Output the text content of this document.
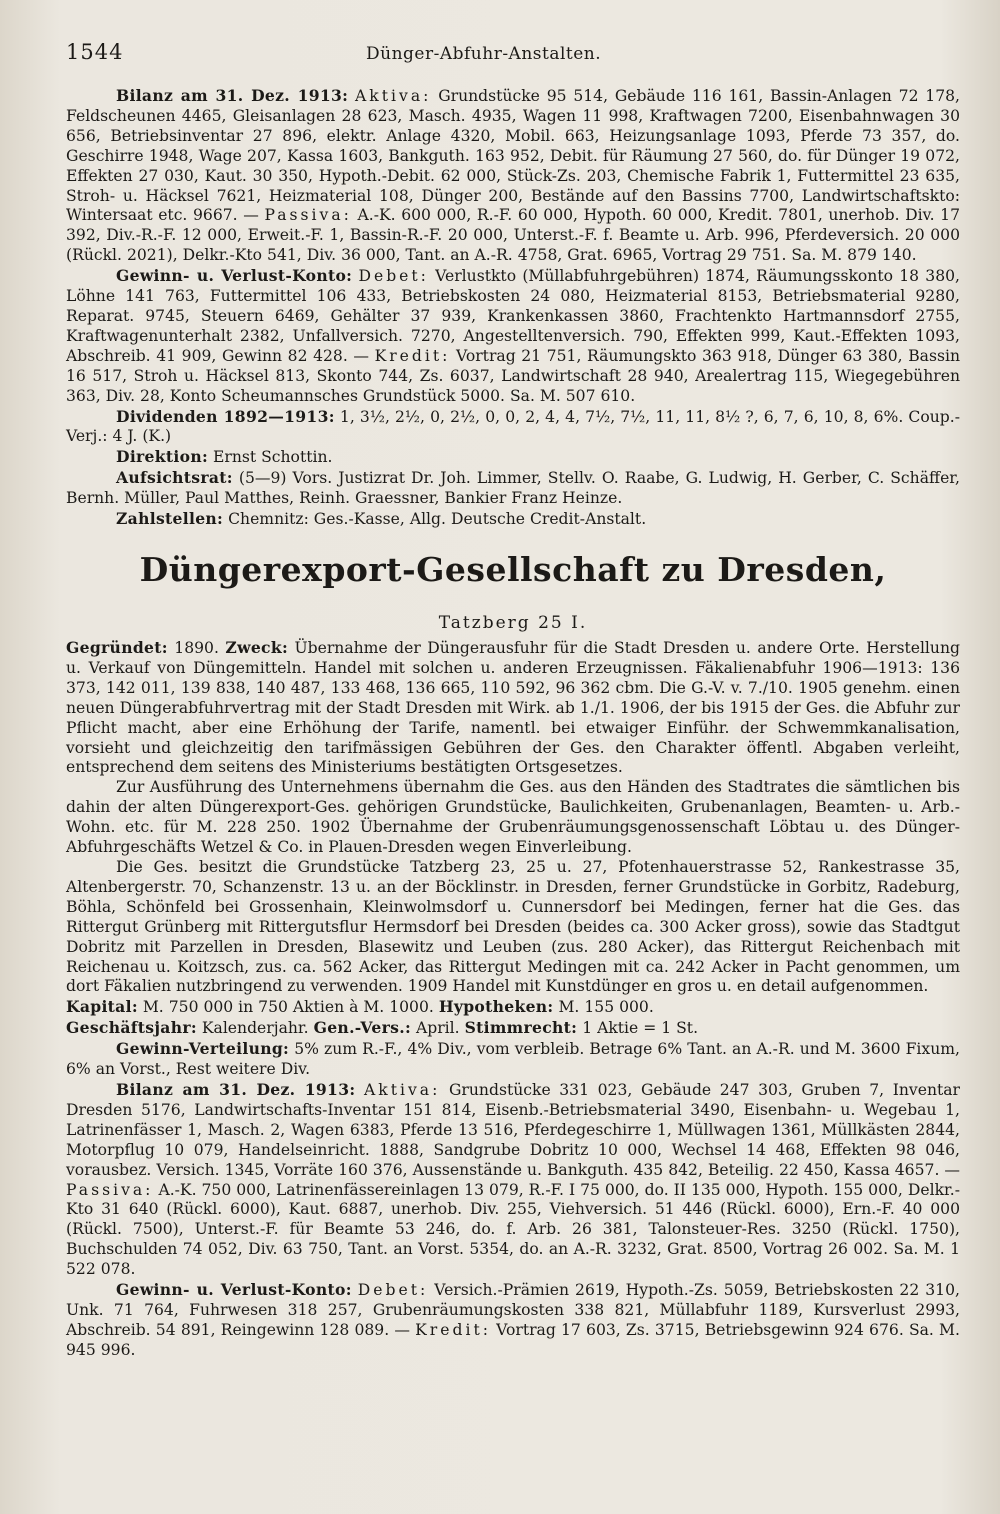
1544	Dünger-Abfuhr-Anstalten.

Bilanz am 31. Dez. 1913: Aktiva: Grundstücke 95 514, Gebäude 116 161, Bassin-Anlagen 72 178, Feldscheunen 4465, Gleisanlagen 28 623, Masch. 4935, Wagen 11 998, Kraftwagen 7200, Eisenbahnwagen 30 656, Betriebsinventar 27 896, elektr. Anlage 4320, Mobil. 663, Heizungsanlage 1093, Pferde 73 357, do. Geschirre 1948, Wage 207, Kassa 1603, Bankguth. 163 952, Debit. für Räumung 27 560, do. für Dünger 19 072, Effekten 27 030, Kaut. 30 350, Hypoth.-Debit. 62 000, Stück-Zs. 203, Chemische Fabrik 1, Futtermittel 23 635, Stroh- u. Häcksel 7621, Heizmaterial 108, Dünger 200, Bestände auf den Bassins 7700, Landwirtschaftskto: Wintersaat etc. 9667. — Passiva: A.-K. 600 000, R.-F. 60 000, Hypoth. 60 000, Kredit. 7801, unerhob. Div. 17 392, Div.-R.-F. 12 000, Erweit.-F. 1, Bassin-R.-F. 20 000, Unterst.-F. f. Beamte u. Arb. 996, Pferdeversich. 20 000 (Rückl. 2021), Delkr.-Kto 541, Div. 36 000, Tant. an A.-R. 4758, Grat. 6965, Vortrag 29 751. Sa. M. 879 140.

Gewinn- u. Verlust-Konto: Debet: Verlustkto (Müllabfuhrgebühren) 1874, Räumungsskonto 18 380, Löhne 141 763, Futtermittel 106 433, Betriebskosten 24 080, Heizmaterial 8153, Betriebsmaterial 9280, Reparat. 9745, Steuern 6469, Gehälter 37 939, Krankenkassen 3860, Frachtenkto Hartmannsdorf 2755, Kraftwagenunterhalt 2382, Unfallversich. 7270, Angestelltenversich. 790, Effekten 999, Kaut.-Effekten 1093, Abschreib. 41 909, Gewinn 82 428. — Kredit: Vortrag 21 751, Räumungskto 363 918, Dünger 63 380, Bassin 16 517, Stroh u. Häcksel 813, Skonto 744, Zs. 6037, Landwirtschaft 28 940, Arealertrag 115, Wiegegebühren 363, Div. 28, Konto Scheumannsches Grundstück 5000. Sa. M. 507 610.

Dividenden 1892—1913: 1, 3½, 2½, 0, 2½, 0, 0, 2, 4, 4, 7½, 7½, 11, 11, 8½ ?, 6, 7, 6, 10, 8, 6%. Coup.-Verj.: 4 J. (K.)

Direktion: Ernst Schottin.

Aufsichtsrat: (5—9) Vors. Justizrat Dr. Joh. Limmer, Stellv. O. Raabe, G. Ludwig, H. Gerber, C. Schäffer, Bernh. Müller, Paul Matthes, Reinh. Graessner, Bankier Franz Heinze.

Zahlstellen: Chemnitz: Ges.-Kasse, Allg. Deutsche Credit-Anstalt.

Düngerexport-Gesellschaft zu Dresden,
Tatzberg 25 I.

Gegründet: 1890. Zweck: Übernahme der Düngerausfuhr für die Stadt Dresden u. andere Orte. Herstellung u. Verkauf von Düngemitteln. Handel mit solchen u. anderen Erzeugnissen. Fäkalienabfuhr 1906—1913: 136 373, 142 011, 139 838, 140 487, 133 468, 136 665, 110 592, 96 362 cbm. Die G.-V. v. 7./10. 1905 genehm. einen neuen Düngerabfuhrvertrag mit der Stadt Dresden mit Wirk. ab 1./1. 1906, der bis 1915 der Ges. die Abfuhr zur Pflicht macht, aber eine Erhöhung der Tarife, namentl. bei etwaiger Einführ. der Schwemmkanalisation, vorsieht und gleichzeitig den tarifmässigen Gebühren der Ges. den Charakter öffentl. Abgaben verleiht, entsprechend dem seitens des Ministeriums bestätigten Ortsgesetzes.

Zur Ausführung des Unternehmens übernahm die Ges. aus den Händen des Stadtrates die sämtlichen bis dahin der alten Düngerexport-Ges. gehörigen Grundstücke, Baulichkeiten, Grubenanlagen, Beamten- u. Arb.-Wohn. etc. für M. 228 250. 1902 Übernahme der Grubenräumungsgenossenschaft Löbtau u. des Dünger-Abfuhrgeschäfts Wetzel & Co. in Plauen-Dresden wegen Einverleibung.

Die Ges. besitzt die Grundstücke Tatzberg 23, 25 u. 27, Pfotenhauerstrasse 52, Rankestrasse 35, Altenbergerstr. 70, Schanzenstr. 13 u. an der Böcklinstr. in Dresden, ferner Grundstücke in Gorbitz, Radeburg, Böhla, Schönfeld bei Grossenhain, Kleinwolmsdorf u. Cunnersdorf bei Medingen, ferner hat die Ges. das Rittergut Grünberg mit Rittergutsflur Hermsdorf bei Dresden (beides ca. 300 Acker gross), sowie das Stadtgut Dobritz mit Parzellen in Dresden, Blasewitz und Leuben (zus. 280 Acker), das Rittergut Reichenbach mit Reichenau u. Koitzsch, zus. ca. 562 Acker, das Rittergut Medingen mit ca. 242 Acker in Pacht genommen, um dort Fäkalien nutzbringend zu verwenden. 1909 Handel mit Kunstdünger en gros u. en detail aufgenommen.

Kapital: M. 750 000 in 750 Aktien à M. 1000. Hypotheken: M. 155 000.

Geschäftsjahr: Kalenderjahr. Gen.-Vers.: April. Stimmrecht: 1 Aktie = 1 St.

Gewinn-Verteilung: 5% zum R.-F., 4% Div., vom verbleib. Betrage 6% Tant. an A.-R. und M. 3600 Fixum, 6% an Vorst., Rest weitere Div.

Bilanz am 31. Dez. 1913: Aktiva: Grundstücke 331 023, Gebäude 247 303, Gruben 7, Inventar Dresden 5176, Landwirtschafts-Inventar 151 814, Eisenb.-Betriebsmaterial 3490, Eisenbahn- u. Wegebau 1, Latrinenfässer 1, Masch. 2, Wagen 6383, Pferde 13 516, Pferdegeschirre 1, Müllwagen 1361, Müllkästen 2844, Motorpflug 10 079, Handelseinricht. 1888, Sandgrube Dobritz 10 000, Wechsel 14 468, Effekten 98 046, vorausbez. Versich. 1345, Vorräte 160 376, Aussenstände u. Bankguth. 435 842, Beteilig. 22 450, Kassa 4657. — Passiva: A.-K. 750 000, Latrinenfässereinlagen 13 079, R.-F. I 75 000, do. II 135 000, Hypoth. 155 000, Delkr.-Kto 31 640 (Rückl. 6000), Kaut. 6887, unerhob. Div. 255, Viehversich. 51 446 (Rückl. 6000), Ern.-F. 40 000 (Rückl. 7500), Unterst.-F. für Beamte 53 246, do. f. Arb. 26 381, Talonsteuer-Res. 3250 (Rückl. 1750), Buchschulden 74 052, Div. 63 750, Tant. an Vorst. 5354, do. an A.-R. 3232, Grat. 8500, Vortrag 26 002. Sa. M. 1 522 078.

Gewinn- u. Verlust-Konto: Debet: Versich.-Prämien 2619, Hypoth.-Zs. 5059, Betriebskosten 22 310, Unk. 71 764, Fuhrwesen 318 257, Grubenräumungskosten 338 821, Müllabfuhr 1189, Kursverlust 2993, Abschreib. 54 891, Reingewinn 128 089. — Kredit: Vortrag 17 603, Zs. 3715, Betriebsgewinn 924 676. Sa. M. 945 996.
